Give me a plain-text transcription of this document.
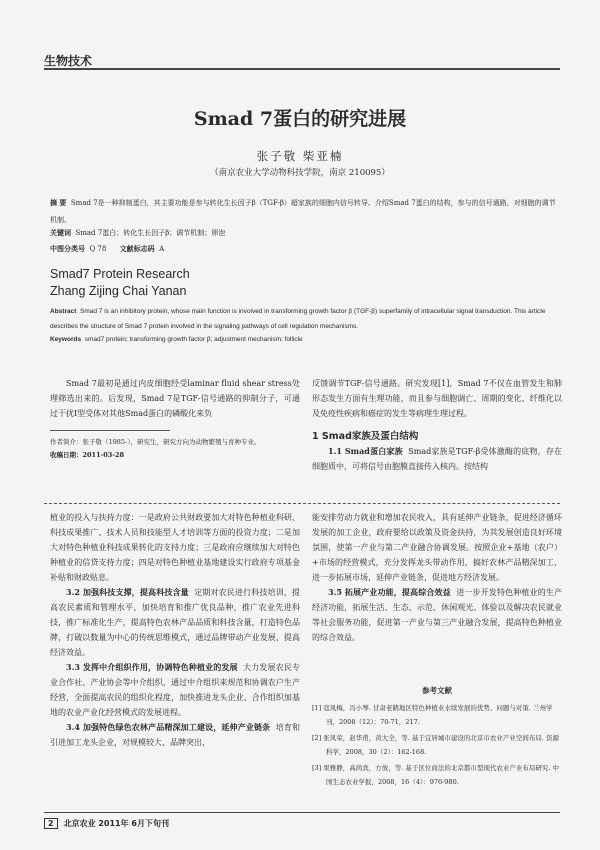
生物技术
Smad 7蛋白的研究进展
张子敬 柴亚楠
（南京农业大学动物科技学院，南京 210095）
摘 要 Smad 7是一种抑制蛋白，其主要功能是参与转化生长因子β（TGF-β）超家族的细胞内信号转导。介绍Smad 7蛋白的结构，参与的信号通路，对细胞的调节机制。
关键词 Smad 7蛋白；转化生长因子β；调节机制；卵泡
中图分类号 Q 78 文献标志码 A
Smad7 Protein Research
Zhang Zijing Chai Yanan
Abstract Smad 7 is an inhibitory protein, whose main function is involved in transforming growth factor β (TGF-β) superfamily of intracellular signal transduction. This article describes the structure of Smad 7 protein involved in the signaling pathways of cell regulation mechanisms.
Keywords smad7 protein; transforming growth factor β; adjustment mechanism; follicle

Smad 7最初是通过内皮细胞经受laminar fluid shear stress处理筛选出来的。后发现，Smad 7是TGF-信号通路的抑制分子，可通过干扰Ⅰ型受体对其他Smad蛋白的磷酸化来负

作者简介：张子敬（1985-），研究生，研究方向为动物繁殖与育种专业。
收稿日期：2011-03-28

反馈调节TGF-信号通路。研究发现[1]，Smad 7不仅在血管发生和肺形态发生方面有生理功能，而且参与细胞调亡、周期的变化、纤维化以及免疫性疾病和癌症的发生等病理生理过程。

1 Smad家族及蛋白结构

1.1 Smad蛋白家族 Smad家族是TGF-β受体激酶的底物，存在细胞质中，可将信号由胞膜直接传入核内。按结构

植业的投入与扶持力度：一是政府公共财政要加大对特色种植业科研、科技成果推广、技术人员和技能型人才培训等方面的投资力度；二是加大对特色种植业科技成果转化的支持力度；三是政府应继续加大对特色种植业的信贷支持力度；四是对特色种植业基地建设实行政府专项基金补贴和财政贴息。

3.2 加强科技支撑，提高科技含量 定期对农民进行科技培训，提高农民素质和管理水平，加快培育和推广优良品种，推广农业先进科技，推广标准化生产，提高特色农林产品品质和科技含量，打造特色品牌，打破以数量为中心的传统思维模式，通过品牌带动产业发展，提高经济效益。

3.3 发挥中介组织作用，协调特色种植业的发展 大力发展农民专业合作社、产业协会等中介组织，通过中介组织来规范和协调农户生产经营，全面提高农民的组织化程度，加快推进龙头企业、合作组织加基地的农业产业化经营模式的发展进程。

3.4 加强特色绿色农林产品精深加工建设，延伸产业链条 培育和引进加工龙头企业，对规模较大、品牌突出，

能安排劳动力就业和增加农民收入，具有延伸产业链条，促进经济循环发展的加工企业，政府要给以政策及资金扶持，为其发展创造良好环境氛围，使第一产业与第二产业融合协调发展。按照企业+基地（农户）+市场的经营模式，充分发挥龙头带动作用，搞好农林产品精深加工，进一步拓展市场，延伸产业链条，促进地方经济发展。

3.5 拓展产业功能，提高综合效益 进一步开发特色种植业的生产经济功能，拓展生活、生态、示范、休闲观光、体验以及解决农民就业等社会服务功能，促进第一产业与第三产业融合发展，提高特色种植业的综合效益。

参考文献
[1] 寇凤梅，冯小琴. 甘肃老鹤地区特色种植业水续发展的优势、问题与对策. 兰州学刊，2008（12）：70-71，217.
[2] 张凤荣，赵华甫，黄大全，等. 基于宜居城市建设的北京市农业产业空间布局. 资源科学，2008，30（2）：162-168.
[3] 果雅静，高尚宾，方放，等. 基于区位商法的北京都市型现代农业产业布局研究. 中国生态农业学报，2008，16（4）：976-980.
2	北京农业 2011年 6月下旬刊
